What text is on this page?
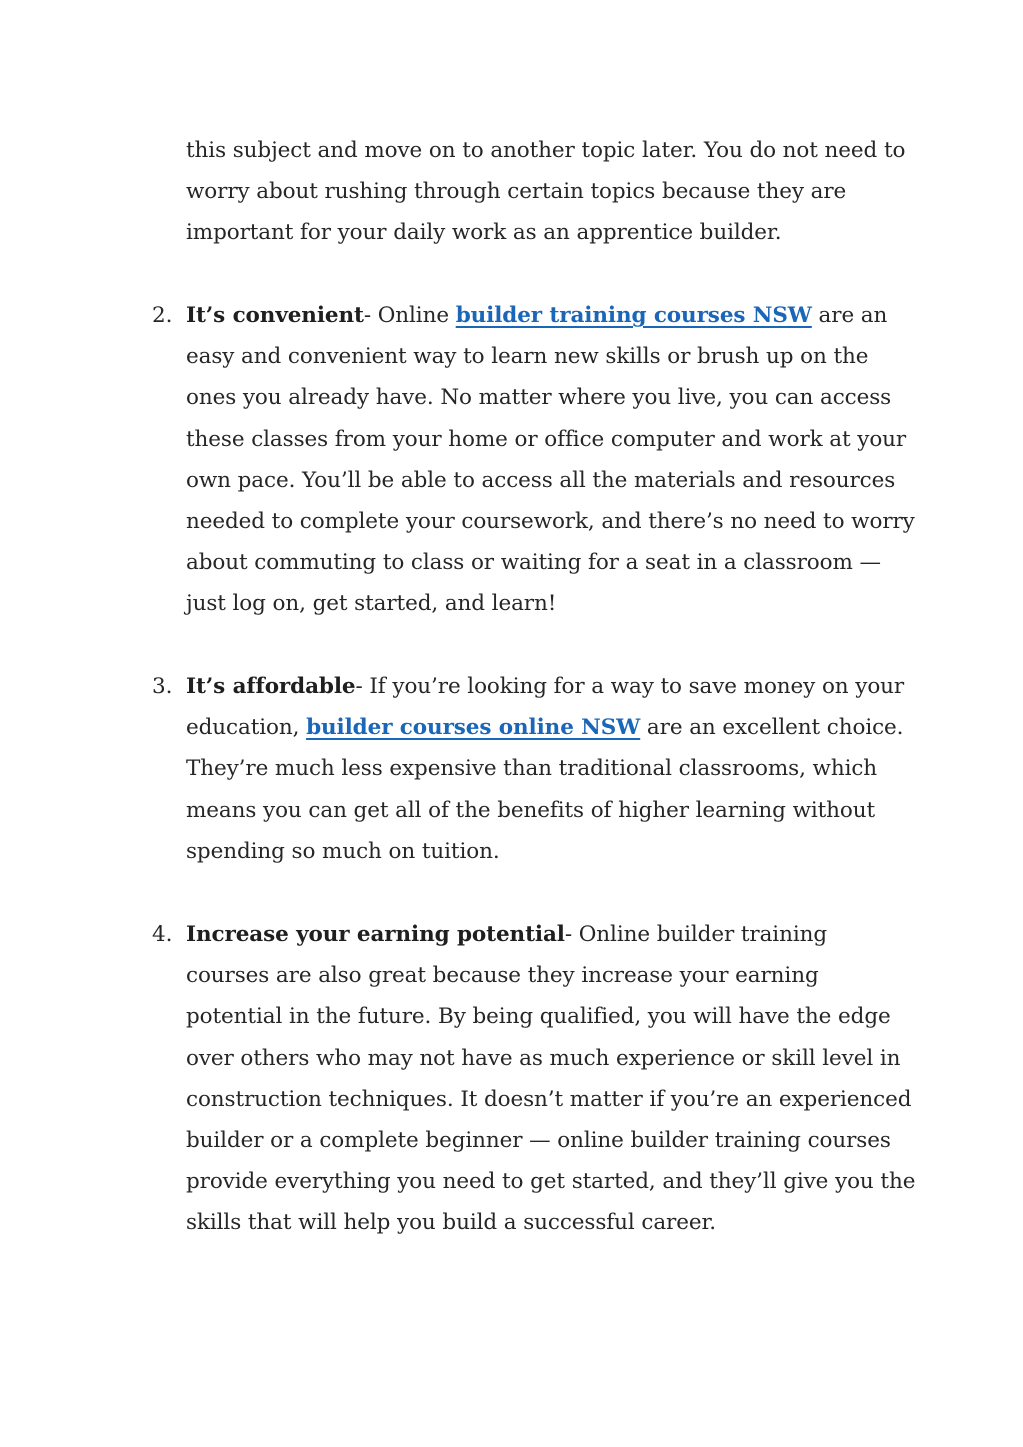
this subject and move on to another topic later. You do not need to worry about rushing through certain topics because they are important for your daily work as an apprentice builder.

2. It’s convenient- Online builder training courses NSW are an easy and convenient way to learn new skills or brush up on the ones you already have. No matter where you live, you can access these classes from your home or office computer and work at your own pace. You’ll be able to access all the materials and resources needed to complete your coursework, and there’s no need to worry about commuting to class or waiting for a seat in a classroom — just log on, get started, and learn!

3. It’s affordable- If you’re looking for a way to save money on your education, builder courses online NSW are an excellent choice. They’re much less expensive than traditional classrooms, which means you can get all of the benefits of higher learning without spending so much on tuition.

4. Increase your earning potential- Online builder training courses are also great because they increase your earning potential in the future. By being qualified, you will have the edge over others who may not have as much experience or skill level in construction techniques. It doesn’t matter if you’re an experienced builder or a complete beginner — online builder training courses provide everything you need to get started, and they’ll give you the skills that will help you build a successful career.
